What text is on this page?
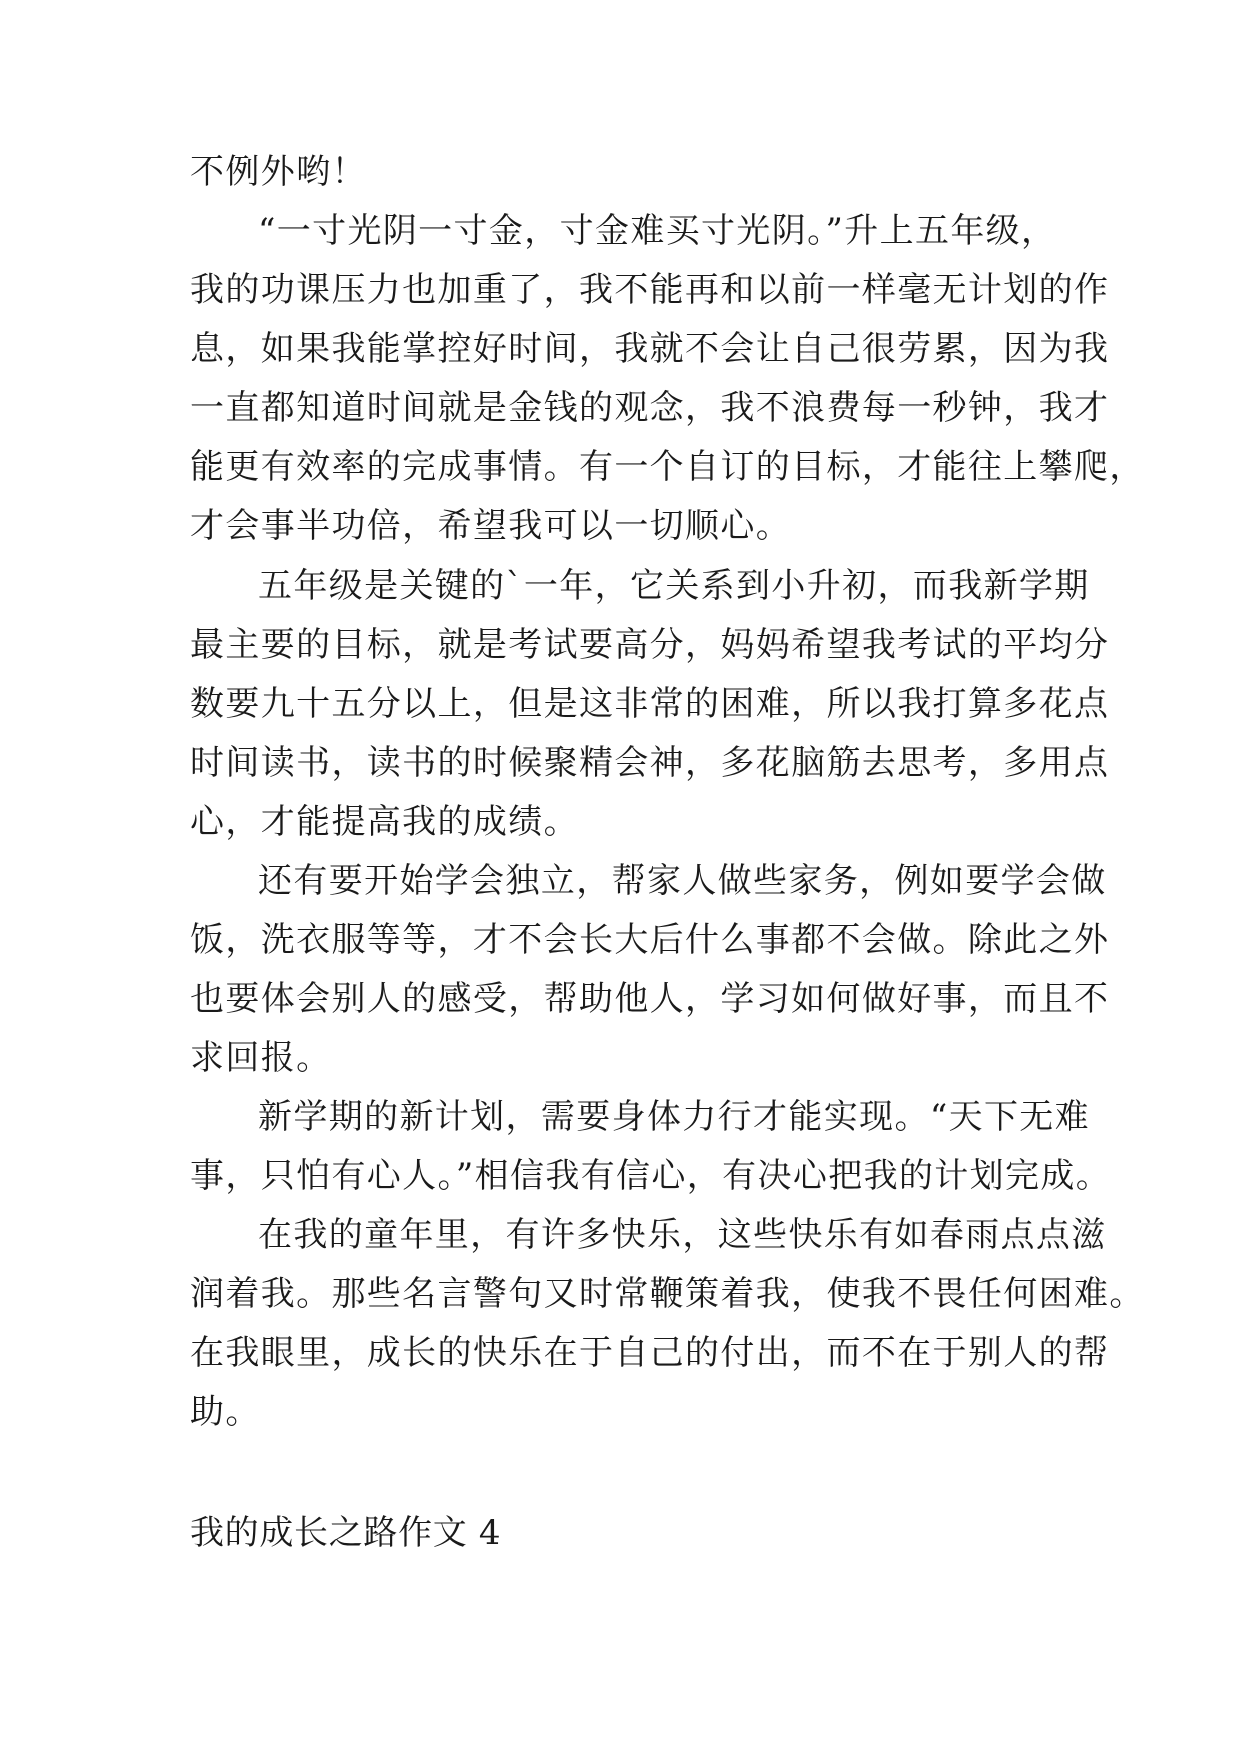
不例外哟！
“一寸光阴一寸金，寸金难买寸光阴。”升上五年级，
我的功课压力也加重了，我不能再和以前一样毫无计划的作
息，如果我能掌控好时间，我就不会让自己很劳累，因为我
一直都知道时间就是金钱的观念，我不浪费每一秒钟，我才
能更有效率的完成事情。有一个自订的目标，才能往上攀爬，
才会事半功倍，希望我可以一切顺心。
五年级是关键的`一年，它关系到小升初，而我新学期
最主要的目标，就是考试要高分，妈妈希望我考试的平均分
数要九十五分以上，但是这非常的困难，所以我打算多花点
时间读书，读书的时候聚精会神，多花脑筋去思考，多用点
心，才能提高我的成绩。
还有要开始学会独立，帮家人做些家务，例如要学会做
饭，洗衣服等等，才不会长大后什么事都不会做。除此之外
也要体会别人的感受，帮助他人，学习如何做好事，而且不
求回报。
新学期的新计划，需要身体力行才能实现。“天下无难
事，只怕有心人。”相信我有信心，有决心把我的计划完成。
在我的童年里，有许多快乐，这些快乐有如春雨点点滋
润着我。那些名言警句又时常鞭策着我，使我不畏任何困难。
在我眼里，成长的快乐在于自己的付出，而不在于别人的帮
助。
我的成长之路作文 4
